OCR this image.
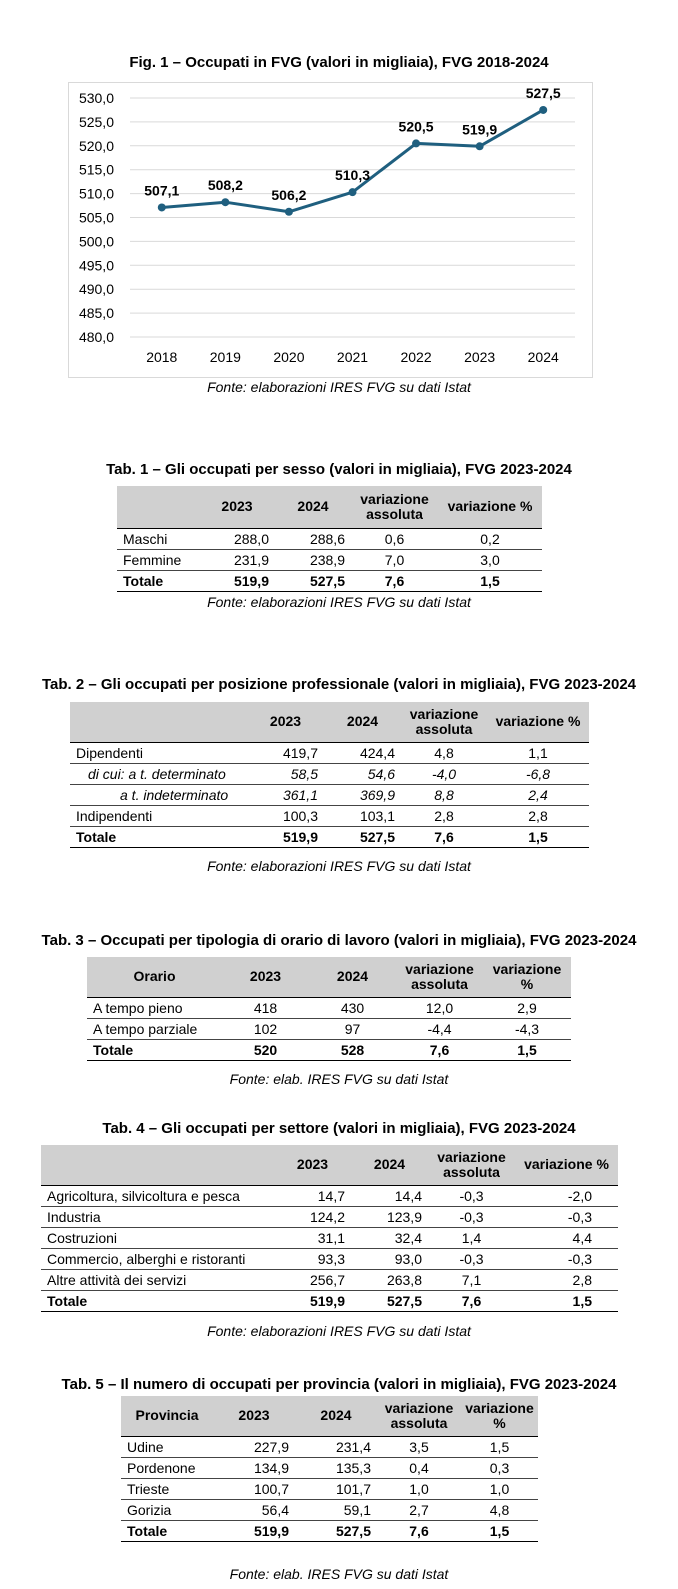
Fig. 1 – Occupati in FVG (valori in migliaia), FVG 2018-2024
480,0
485,0
490,0
495,0
500,0
505,0
510,0
515,0
520,0
525,0
530,0
2018 2019 2020 2021 2022 2023 2024
507,1 508,2
506,2
510,3
520,5 519,9
527,5
Fonte: elaborazioni IRES FVG su dati Istat
Tab. 1 – Gli occupati per sesso (valori in migliaia), FVG 2023-2024
	2023	2024	variazione assoluta	variazione %
Maschi	288,0	288,6	0,6	0,2
Femmine	231,9	238,9	7,0	3,0
Totale	519,9	527,5	7,6	1,5
Fonte: elaborazioni IRES FVG su dati Istat
Tab. 2 – Gli occupati per posizione professionale (valori in migliaia), FVG 2023-2024
	2023	2024	variazione assoluta	variazione %
Dipendenti	419,7	424,4	4,8	1,1
di cui: a t. determinato	58,5	54,6	-4,0	-6,8
a t. indeterminato	361,1	369,9	8,8	2,4
Indipendenti	100,3	103,1	2,8	2,8
Totale	519,9	527,5	7,6	1,5
Fonte: elaborazioni IRES FVG su dati Istat
Tab. 3 – Occupati per tipologia di orario di lavoro (valori in migliaia), FVG 2023-2024
Orario	2023	2024	variazione assoluta	variazione %
A tempo pieno	418	430	12,0	2,9
A tempo parziale	102	97	-4,4	-4,3
Totale	520	528	7,6	1,5
Fonte: elab. IRES FVG su dati Istat
Tab. 4 – Gli occupati per settore (valori in migliaia), FVG 2023-2024
	2023	2024	variazione assoluta	variazione %
Agricoltura, silvicoltura e pesca	14,7	14,4	-0,3	-2,0
Industria	124,2	123,9	-0,3	-0,3
Costruzioni	31,1	32,4	1,4	4,4
Commercio, alberghi e ristoranti	93,3	93,0	-0,3	-0,3
Altre attività dei servizi	256,7	263,8	7,1	2,8
Totale	519,9	527,5	7,6	1,5
Fonte: elaborazioni IRES FVG su dati Istat
Tab. 5 – Il numero di occupati per provincia (valori in migliaia), FVG 2023-2024
Provincia	2023	2024	variazione assoluta	variazione %
Udine	227,9	231,4	3,5	1,5
Pordenone	134,9	135,3	0,4	0,3
Trieste	100,7	101,7	1,0	1,0
Gorizia	56,4	59,1	2,7	4,8
Totale	519,9	527,5	7,6	1,5
Fonte: elab. IRES FVG su dati Istat
